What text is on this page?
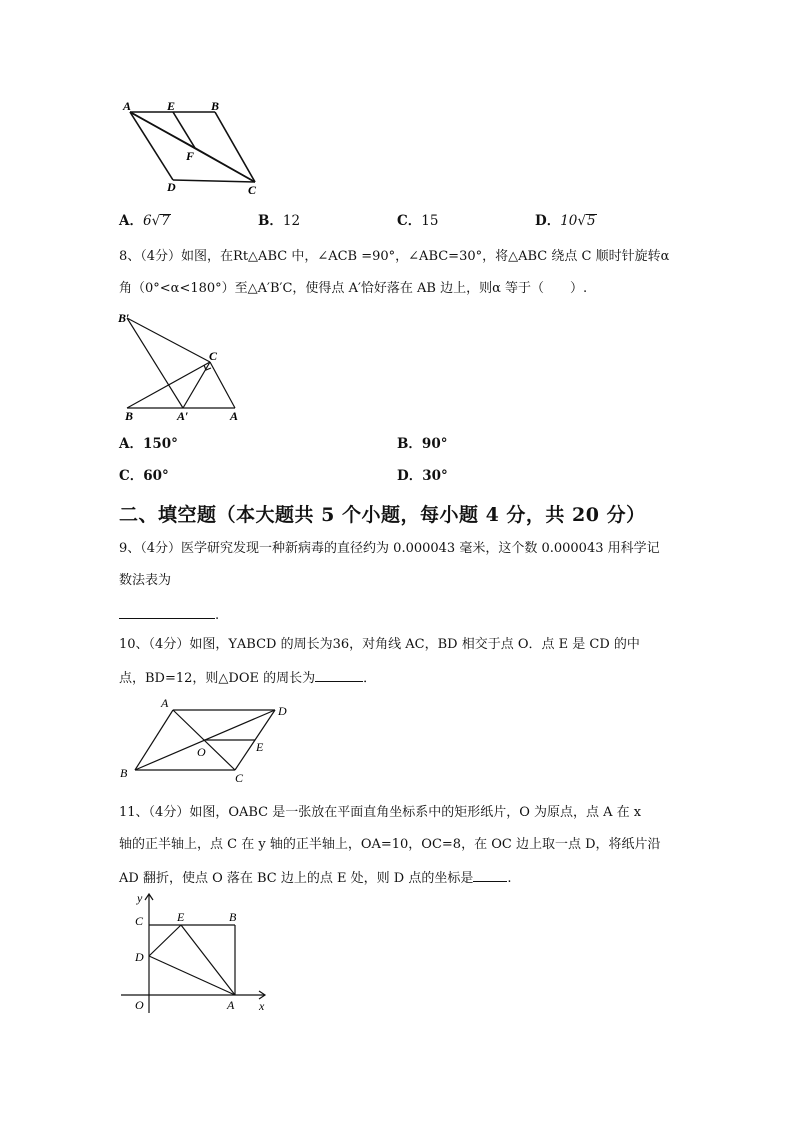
A	E	B
F
D	C
A．6√7	B．12	C．15	D．10√5
8、（4分）如图，在Rt△ABC 中，∠ACB =90°，∠ABC=30°，将△ABC 绕点 C 顺时针旋转α
角（0°<α<180°）至△A′B′C，使得点 A′恰好落在 AB 边上，则α 等于（　　）.
B′
C
B	A′	A
A．150°	B．90°
C．60°	D．30°
二、填空题（本大题共 5 个小题，每小题 4 分，共 20 分）
9、（4分）医学研究发现一种新病毒的直径约为 0.000043 毫米，这个数 0.000043 用科学记
数法表为
.
10、（4分）如图，ΥABCD 的周长为36，对角线 AC，BD 相交于点 O．点 E 是 CD 的中
点，BD=12，则△DOE 的周长为	．
A
D
O	E
B	C
11、（4分）如图，OABC 是一张放在平面直角坐标系中的矩形纸片，O 为原点，点 A 在 x
轴的正半轴上，点 C 在 y 轴的正半轴上，OA=10，OC=8，在 OC 边上取一点 D，将纸片沿
AD 翻折，使点 O 落在 BC 边上的点 E 处，则 D 点的坐标是	.
y
C	E	B
D
O	A x
